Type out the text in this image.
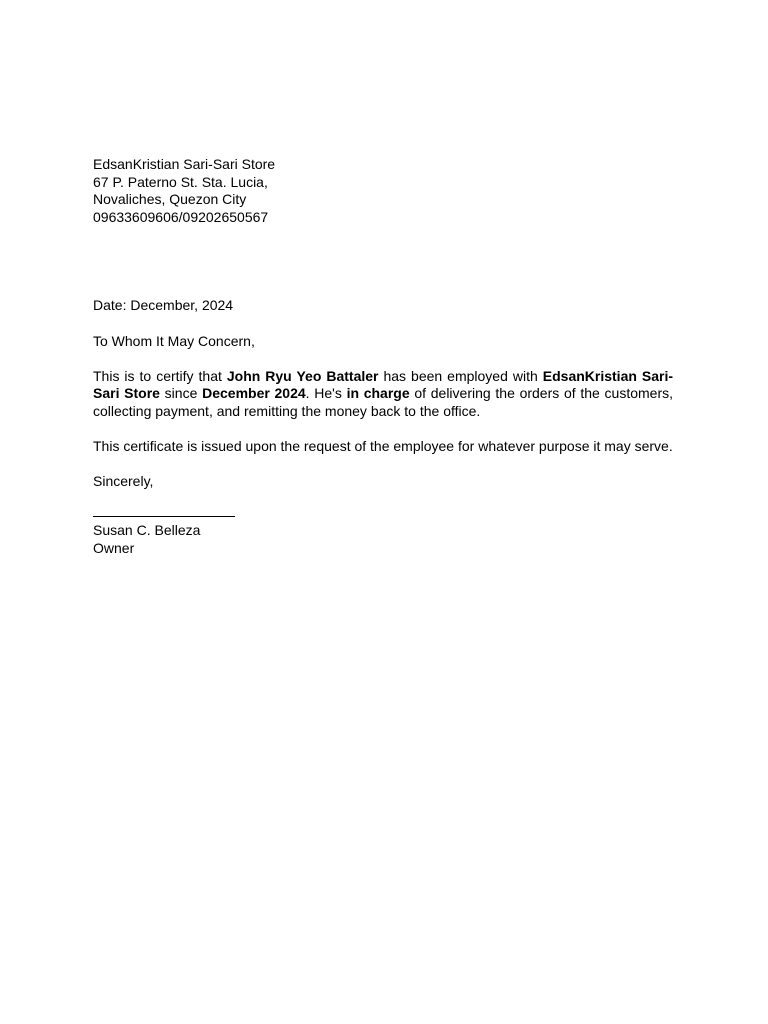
EdsanKristian Sari-Sari Store
67 P. Paterno St. Sta. Lucia,
Novaliches, Quezon City
09633609606/09202650567
Date: December, 2024
To Whom It May Concern,
This is to certify that John Ryu Yeo Battaler has been employed with EdsanKristian Sari-Sari Store since December 2024. He's in charge of delivering the orders of the customers, collecting payment, and remitting the money back to the office.
This certificate is issued upon the request of the employee for whatever purpose it may serve.
Sincerely,
Susan C. Belleza
Owner
